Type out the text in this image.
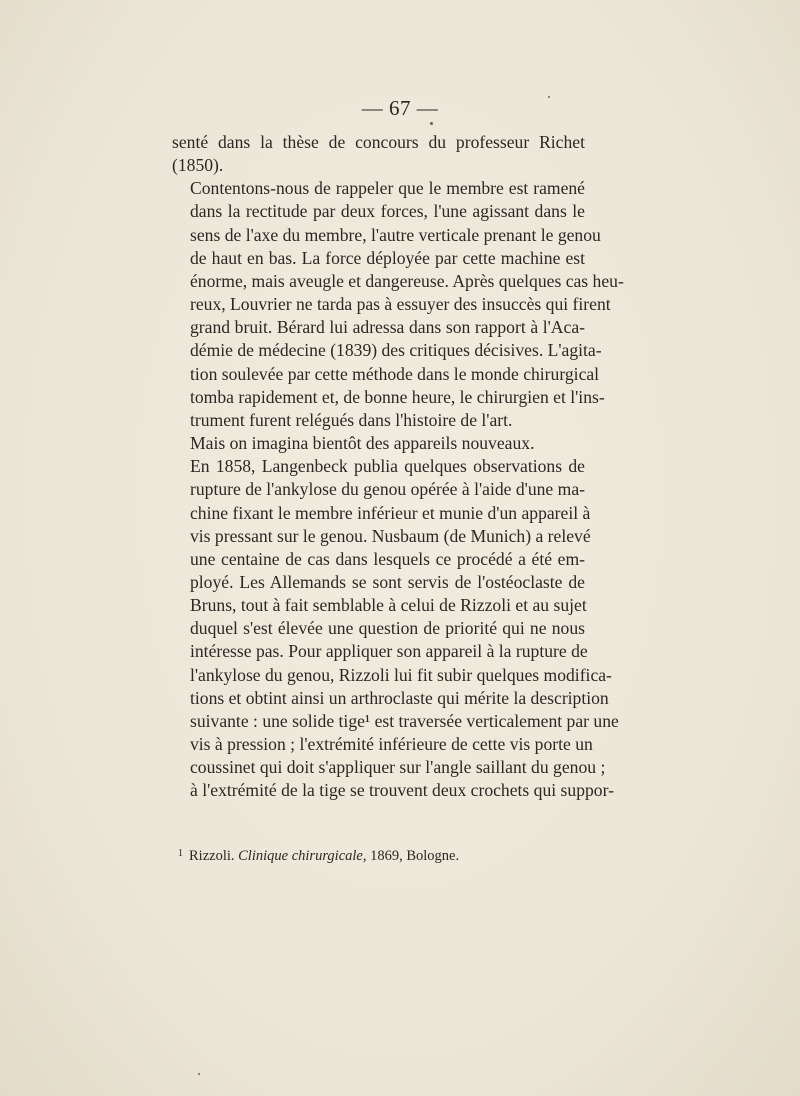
— 67 —

senté dans la thèse de concours du professeur Richet
(1850).

Contentons-nous de rappeler que le membre est ramené
dans la rectitude par deux forces, l'une agissant dans le
sens de l'axe du membre, l'autre verticale prenant le genou
de haut en bas. La force déployée par cette machine est
énorme, mais aveugle et dangereuse. Après quelques cas heu-
reux, Louvrier ne tarda pas à essuyer des insuccès qui firent
grand bruit. Bérard lui adressa dans son rapport à l'Aca-
démie de médecine (1839) des critiques décisives. L'agita-
tion soulevée par cette méthode dans le monde chirurgical
tomba rapidement et, de bonne heure, le chirurgien et l'ins-
trument furent relégués dans l'histoire de l'art.

Mais on imagina bientôt des appareils nouveaux.

En 1858, Langenbeck publia quelques observations de
rupture de l'ankylose du genou opérée à l'aide d'une ma-
chine fixant le membre inférieur et munie d'un appareil à
vis pressant sur le genou. Nusbaum (de Munich) a relevé
une centaine de cas dans lesquels ce procédé a été em-
ployé. Les Allemands se sont servis de l'ostéoclaste de
Bruns, tout à fait semblable à celui de Rizzoli et au sujet
duquel s'est élevée une question de priorité qui ne nous
intéresse pas. Pour appliquer son appareil à la rupture de
l'ankylose du genou, Rizzoli lui fit subir quelques modifica-
tions et obtint ainsi un arthroclaste qui mérite la description
suivante : une solide tige¹ est traversée verticalement par une
vis à pression ; l'extrémité inférieure de cette vis porte un
coussinet qui doit s'appliquer sur l'angle saillant du genou ;
à l'extrémité de la tige se trouvent deux crochets qui suppor-

$^1$ Rizzoli. Clinique chirurgicale, 1869, Bologne.
